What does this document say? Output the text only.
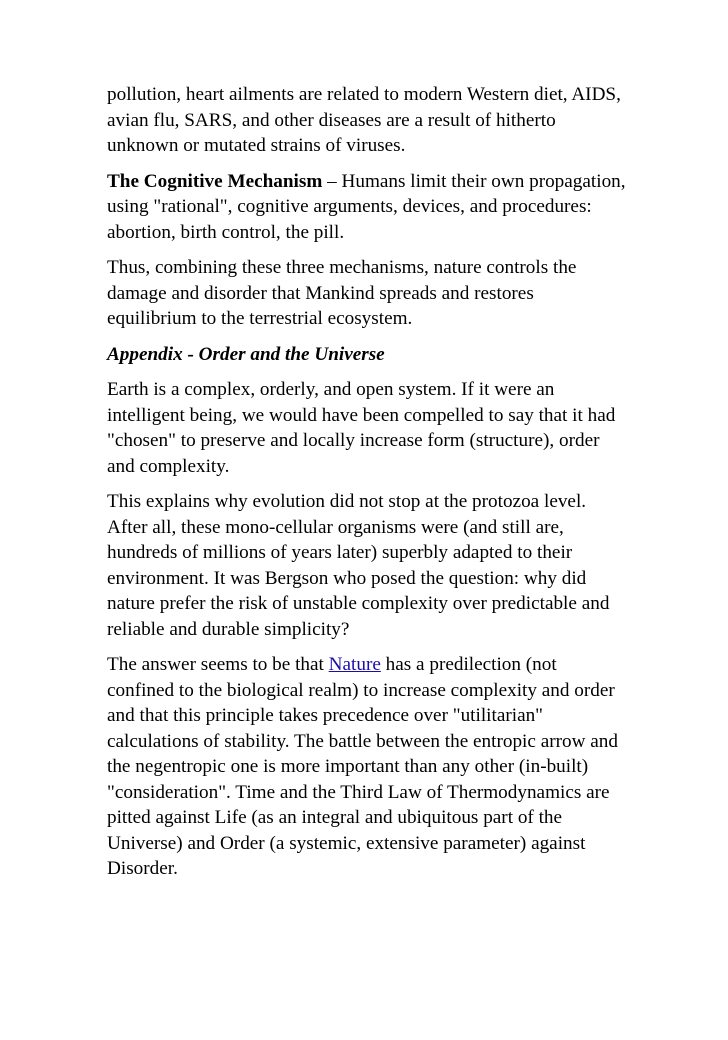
pollution, heart ailments are related to modern Western diet, AIDS, avian flu, SARS, and other diseases are a result of hitherto unknown or mutated strains of viruses.

The Cognitive Mechanism – Humans limit their own propagation, using "rational", cognitive arguments, devices, and procedures: abortion, birth control, the pill.

Thus, combining these three mechanisms, nature controls the damage and disorder that Mankind spreads and restores equilibrium to the terrestrial ecosystem.

Appendix - Order and the Universe

Earth is a complex, orderly, and open system. If it were an intelligent being, we would have been compelled to say that it had "chosen" to preserve and locally increase form (structure), order and complexity.

This explains why evolution did not stop at the protozoa level. After all, these mono-cellular organisms were (and still are, hundreds of millions of years later) superbly adapted to their environment. It was Bergson who posed the question: why did nature prefer the risk of unstable complexity over predictable and reliable and durable simplicity?

The answer seems to be that Nature has a predilection (not confined to the biological realm) to increase complexity and order and that this principle takes precedence over "utilitarian" calculations of stability. The battle between the entropic arrow and the negentropic one is more important than any other (in-built) "consideration". Time and the Third Law of Thermodynamics are pitted against Life (as an integral and ubiquitous part of the Universe) and Order (a systemic, extensive parameter) against Disorder.
